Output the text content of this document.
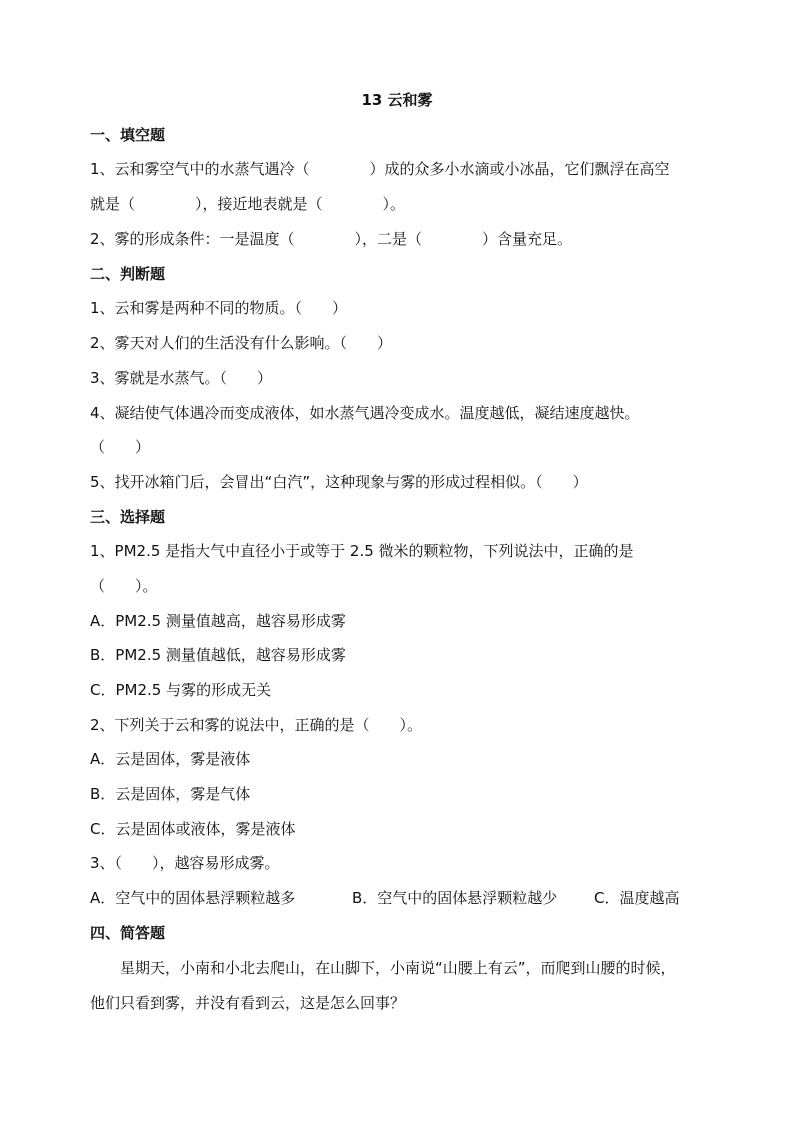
13 云和雾
一、填空题
1、云和雾空气中的水蒸气遇冷（　　　　）成的众多小水滴或小冰晶，它们飘浮在高空
就是（　　　　），接近地表就是（　　　　）。
2、雾的形成条件：一是温度（　　　　），二是（　　　　）含量充足。
二、判断题
1、云和雾是两种不同的物质。（　　）
2、雾天对人们的生活没有什么影响。（　　）
3、雾就是水蒸气。（　　）
4、凝结使气体遇冷而变成液体，如水蒸气遇冷变成水。温度越低，凝结速度越快。
（　　）
5、找开冰箱门后，会冒出“白汽”，这种现象与雾的形成过程相似。（　　）
三、选择题
1、PM2.5 是指大气中直径小于或等于 2.5 微米的颗粒物，下列说法中，正确的是
（　　）。
A．PM2.5 测量值越高，越容易形成雾
B．PM2.5 测量值越低，越容易形成雾
C．PM2.5 与雾的形成无关
2、下列关于云和雾的说法中，正确的是（　　）。
A．云是固体，雾是液体
B．云是固体，雾是气体
C．云是固体或液体，雾是液体
3、（　　），越容易形成雾。
A．空气中的固体悬浮颗粒越多	B．空气中的固体悬浮颗粒越少 C．温度越高
四、简答题
星期天，小南和小北去爬山，在山脚下，小南说“山腰上有云”，而爬到山腰的时候，
他们只看到雾，并没有看到云，这是怎么回事？
